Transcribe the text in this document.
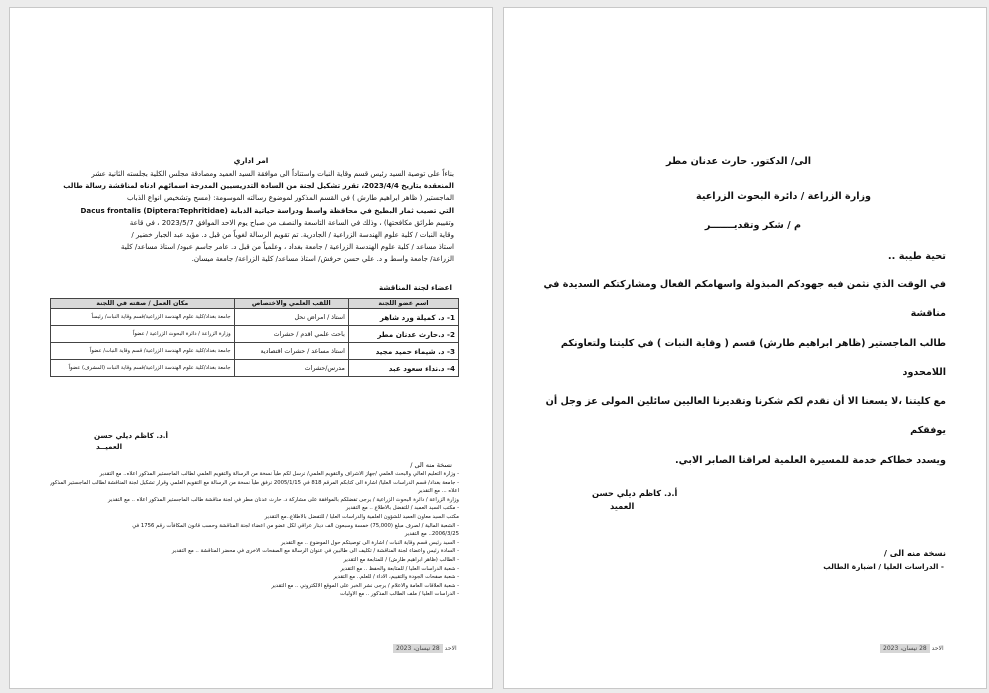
امر اداري

بناءاً على توصية السيد رئيس قسم وقاية النبات واستناداً الى موافقة السيد العميد ومصادقة مجلس الكلية بجلسته الثانية عشر

المنعقدة بتاريخ 2023/4/4، تقرر تشكيل لجنة من السادة التدريسيين المدرجة اسمائهم ادناه لمناقشة رسالة طالب

الماجستير ( ظاهر ابراهيم طارش ) في القسم المذكور لموضوع رسالته الموسومة: (مسح وتشخيص انواع الذباب

التي تصيب ثمار البطيخ في محافظة واسط ودراسة حياتية الذبابة Dacus frontalis (Diptera:Tephritidae)

وتقييم طرائق مكافحتها) ، وذلك في الساعة التاسعة والنصف من صباح يوم الاحد الموافق 2023/5/7 ، في قاعة

وقاية النبات / كلية علوم الهندسة الزراعية / الجادرية. تم تقويم الرسالة لغوياً من قبل د. مؤيد عبد الجبار خضير /

استاذ مساعد / كلية علوم الهندسة الزراعية / جامعة بغداد ، وعلمياً من قبل د. عامر جاسم عبود/ استاذ مساعد/ كلية

الزراعة/ جامعة واسط و د. علي حسن حرفش/ استاذ مساعد/ كلية الزراعة/ جامعة ميسان.

اعضاء لجنة المناقشة
اسم عضو اللجنة	اللقب العلمي والاختصاص	مكان العمل / صفته في اللجنة
1- د. كميلة ورد شاهر	استاذ / امراض نحل	جامعة بغداد/كلية علوم الهندسة الزراعية/قسم وقاية النبات/ رئيساً
2- د.حارث عدنان مطر	باحث علمي اقدم / حشرات	وزارة الزراعة / دائرة البحوث الزراعية / عضواً
3- د. شيماء حميد مجيد	استاذ مساعد / حشرات اقتصادية	جامعة بغداد/كلية علوم الهندسة الزراعية/ قسم وقاية النبات/ عضواً
4- د.نداء سعود عبد	مدرس/حشرات	جامعة بغداد/كلية علوم الهندسة الزراعية/قسم وقاية النبات (المشرف) عضواً
أ.د. كاظم ديلي حسن
العميــد
نسخة منه الى /
- وزارة التعليم العالي والبحث العلمي /جهاز الاشراف والتقويم العلمي/ نرسل لكم طياً نسخة من الرسالة والتقويم العلمي لطالب الماجستير المذكور اعلاه.. مع التقدير
- جامعة بغداد/ قسم الدراسات العليا/ اشارة الى كتابكم المرقم 818 في 2005/1/15 نرفق طياً نسخة من الرسالة مع التقويم العلمي وقرار تشكيل لجنة المناقشة لطالب الماجستير المذكور
اعلاه ... مع التقدير
وزارة الزراعة / دائرة البحوث الزراعية / يرجى تفضلكم بالموافقة على مشاركة د. حارث عدنان مطر في لجنة مناقشة طالب الماجستير المذكور اعلاه .. مع التقدير
- مكتب السيد العميد / للتفضل بالاطلاع .. مع التقدير
مكتب السيد معاون العميد للشؤون العلمية والدراسات العليا / للتفضل بالاطلاع..مع التقدير
- الشعبة المالية / لصرف مبلغ (75,000) خمسة وسبعون الف دينار عراقي لكل عضو من اعضاء لجنة المناقشة وحسب قانون المكافآت رقم 1756 في
2006/3/25.. مع التقدير
- السيد رئيس قسم وقاية النبات / اشارة الى توصيتكم حول الموضوع .. مع التقدير
- السادة رئيس واعضاء لجنة المناقشة / تكليف الى طالبين في عنوان الرسالة مع الصفحات الاخرى في محضر المناقشة .. مع التقدير
- الطالب (ظاهر ابراهيم طارش) / للمتابعة مع التقدير
- شعبة الدراسات العليا / للمتابعة والحفظ .. مع التقدير
- شعبة صفحات الجودة والتقييم، الاداء / للعلم.. مع التقدير
- شعبة العلاقات العامة والاعلام / يرجى نشر الخبر على الموقع الالكتروني .. مع التقدير
- الدراسات العليا / ملف الطالب المذكور .. مع الاوليات
الاحد 28 نيسان، 2023
الى/ الدكتور. حارث عدنان مطر
وزارة الزراعة / دائرة البحوث الزراعية
م / شكر وتقديـــــــر
تحية طيبة ..
في الوقت الذي نثمن فيه جهودكم المبذولة واسهامكم الفعال ومشاركتكم السديدة في مناقشة
طالب الماجستير (ظاهر ابراهيم طارش) قسم ( وقاية النبات ) في كليتنا ولتعاونكم اللامحدود
مع كليتنا ،لا يسعنا الا أن نقدم لكم شكرنا وتقديرنا العاليين سائلين المولى عز وجل أن يوفقكم
ويسدد خطاكم خدمة للمسيرة العلمية لعراقنا الصابر الابي.
أ.د. كاظم ديلي حسن
العميد
نسخة منه الى /
- الدراسات العليا / اضبارة الطالب
الاحد 28 نيسان، 2023
